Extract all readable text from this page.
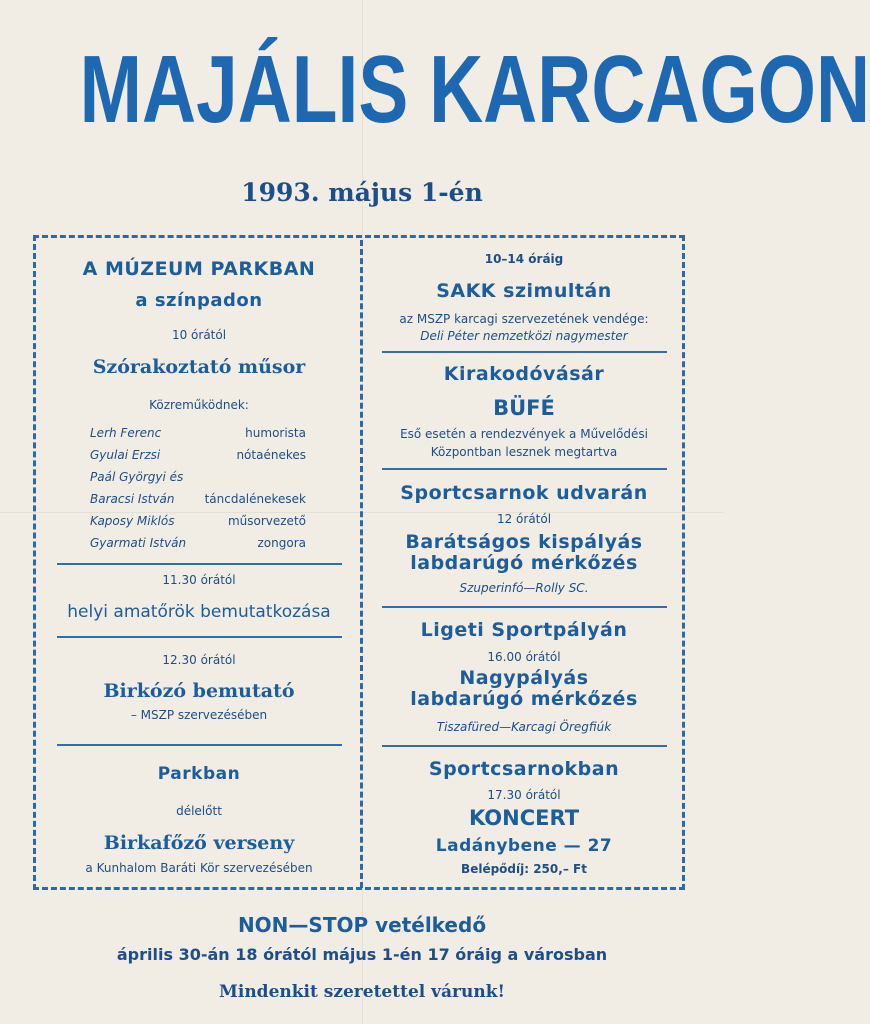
MAJÁLIS KARCAGON
1993. május 1-én
A MÚZEUM PARKBAN
a színpadon
10 órától
Szórakoztató műsor
Közreműködnek:
Lerh Ferenc	humorista
Gyulai Erzsi	nótaénekes
Paál Györgyi és
Baracsi István	táncdalénekesek
Kaposy Miklós	műsorvezető
Gyarmati István	zongora
11.30 órától
helyi amatőrök bemutatkozása
12.30 órától
Birkózó bemutató
– MSZP szervezésében
Parkban
délelőtt
Birkafőző verseny
a Kunhalom Baráti Kör szervezésében
10–14 óráig
SAKK szimultán
az MSZP karcagi szervezetének vendége:
Deli Péter nemzetközi nagymester
Kirakodóvásár
BÜFÉ
Eső esetén a rendezvények a Művelődési
Központban lesznek megtartva
Sportcsarnok udvarán
12 órától
Barátságos kispályás
labdarúgó mérkőzés
Szuperinfó—Rolly SC.
Ligeti Sportpályán
16.00 órától
Nagypályás
labdarúgó mérkőzés
Tiszafüred—Karcagi Öregfiúk
Sportcsarnokban
17.30 órától
KONCERT
Ladánybene — 27
Belépődíj: 250,– Ft
NON—STOP vetélkedő
április 30-án 18 órától május 1-én 17 óráig a városban
Mindenkit szeretettel várunk!
